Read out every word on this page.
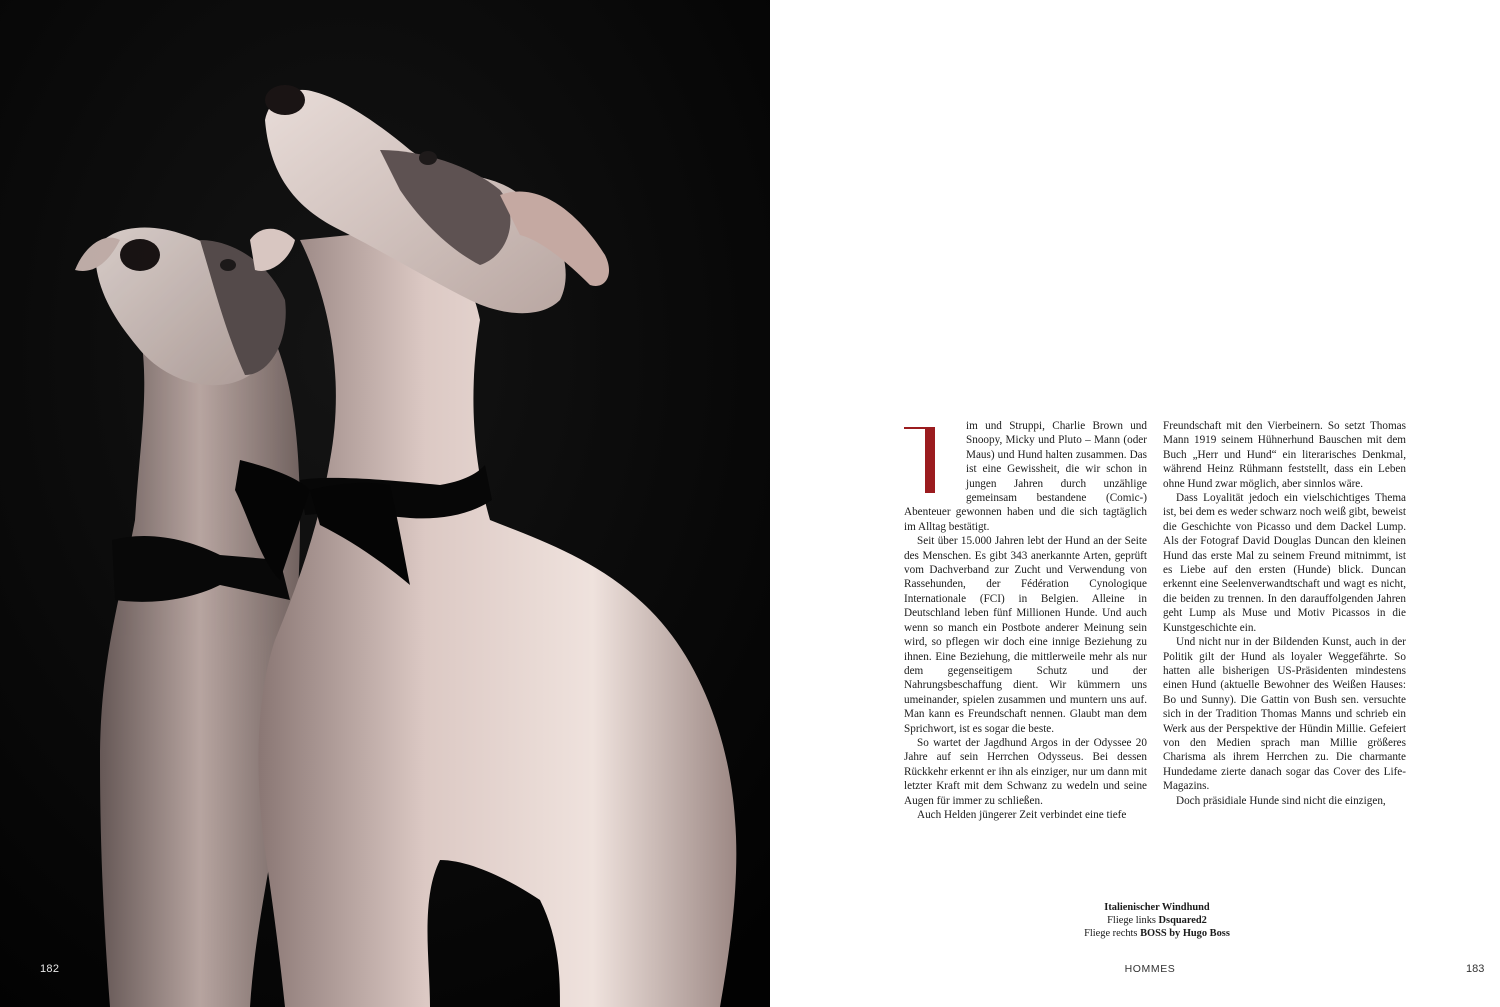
182

im und Struppi, Charlie Brown und Snoopy, Micky und Pluto – Mann (oder Maus) und Hund halten zusammen. Das ist eine Gewissheit, die wir schon in jungen Jahren durch unzählige gemeinsam bestandene (Comic-) Abenteuer gewonnen haben und die sich tagtäglich im Alltag bestätigt.

Seit über 15.000 Jahren lebt der Hund an der Seite des Menschen. Es gibt 343 anerkannte Arten, geprüft vom Dachverband zur Zucht und Verwendung von Rassehunden, der Fédération Cynologique Internationale (FCI) in Belgien. Alleine in Deutschland leben fünf Millionen Hunde. Und auch wenn so manch ein Postbote anderer Meinung sein wird, so pflegen wir doch eine innige Beziehung zu ihnen. Eine Beziehung, die mittlerweile mehr als nur dem gegenseitigem Schutz und der Nahrungsbeschaffung dient. Wir kümmern uns umeinander, spielen zusammen und muntern uns auf. Man kann es Freundschaft nennen. Glaubt man dem Sprichwort, ist es sogar die beste.

So wartet der Jagdhund Argos in der Odyssee 20 Jahre auf sein Herrchen Odysseus. Bei dessen Rückkehr erkennt er ihn als einziger, nur um dann mit letzter Kraft mit dem Schwanz zu wedeln und seine Augen für immer zu schließen.

Auch Helden jüngerer Zeit verbindet eine tiefe

Freundschaft mit den Vierbeinern. So setzt Thomas Mann 1919 seinem Hühnerhund Bauschen mit dem Buch „Herr und Hund“ ein literarisches Denkmal, während Heinz Rühmann feststellt, dass ein Leben ohne Hund zwar möglich, aber sinnlos wäre.

Dass Loyalität jedoch ein vielschichtiges Thema ist, bei dem es weder schwarz noch weiß gibt, beweist die Geschichte von Picasso und dem Dackel Lump. Als der Fotograf David Douglas Duncan den kleinen Hund das erste Mal zu seinem Freund mitnimmt, ist es Liebe auf den ersten (Hunde) blick. Duncan erkennt eine Seelenverwandtschaft und wagt es nicht, die beiden zu trennen. In den darauffolgenden Jahren geht Lump als Muse und Motiv Picassos in die Kunstgeschichte ein.

Und nicht nur in der Bildenden Kunst, auch in der Politik gilt der Hund als loyaler Weggefährte. So hatten alle bisherigen US-Präsidenten mindestens einen Hund (aktuelle Bewohner des Weißen Hauses: Bo und Sunny). Die Gattin von Bush sen. versuchte sich in der Tradition Thomas Manns und schrieb ein Werk aus der Perspektive der Hündin Millie. Gefeiert von den Medien sprach man Millie größeres Charisma als ihrem Herrchen zu. Die charmante Hundedame zierte danach sogar das Cover des Life-Magazins.

Doch präsidiale Hunde sind nicht die einzigen,

Italienischer Windhund
Fliege links Dsquared2
Fliege rechts BOSS by Hugo Boss
HOMMES	183
